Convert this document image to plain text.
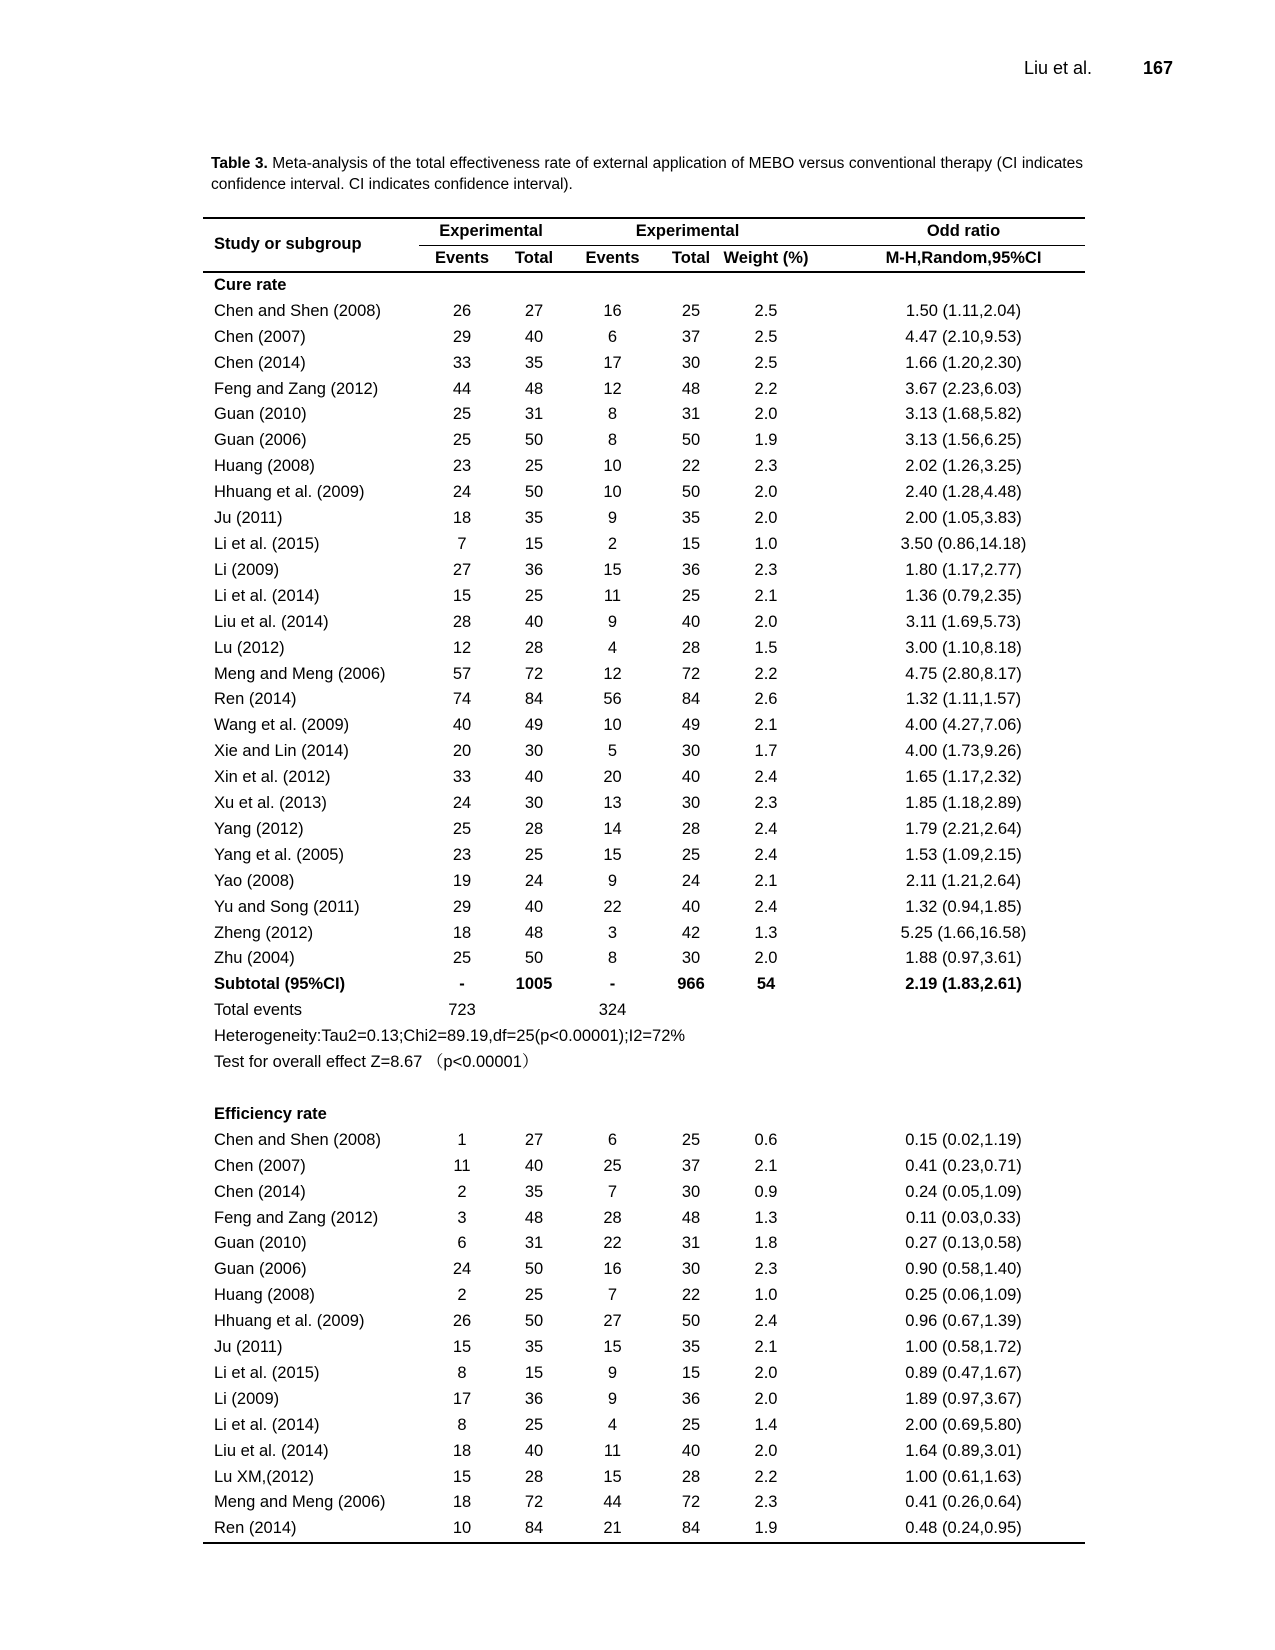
Liu et al.	167
Table 3. Meta-analysis of the total effectiveness rate of external application of MEBO versus conventional therapy (CI indicates confidence interval. CI indicates confidence interval).
Study or subgroup	Experimental		Experimental			Odd ratio
	Events	Total	Events	Total	Weight (%)	M-H,Random,95%CI
Cure rate						
Chen and Shen (2008)	26	27	16	25	2.5	1.50 (1.11,2.04)
Chen (2007)	29	40	6	37	2.5	4.47 (2.10,9.53)
Chen (2014)	33	35	17	30	2.5	1.66 (1.20,2.30)
Feng and Zang (2012)	44	48	12	48	2.2	3.67 (2.23,6.03)
Guan (2010)	25	31	8	31	2.0	3.13 (1.68,5.82)
Guan (2006)	25	50	8	50	1.9	3.13 (1.56,6.25)
Huang (2008)	23	25	10	22	2.3	2.02 (1.26,3.25)
Hhuang et al. (2009)	24	50	10	50	2.0	2.40 (1.28,4.48)
Ju (2011)	18	35	9	35	2.0	2.00 (1.05,3.83)
Li et al. (2015)	7	15	2	15	1.0	3.50 (0.86,14.18)
Li (2009)	27	36	15	36	2.3	1.80 (1.17,2.77)
Li et al. (2014)	15	25	11	25	2.1	1.36 (0.79,2.35)
Liu et al. (2014)	28	40	9	40	2.0	3.11 (1.69,5.73)
Lu (2012)	12	28	4	28	1.5	3.00 (1.10,8.18)
Meng and Meng (2006)	57	72	12	72	2.2	4.75 (2.80,8.17)
Ren (2014)	74	84	56	84	2.6	1.32 (1.11,1.57)
Wang et al. (2009)	40	49	10	49	2.1	4.00 (4.27,7.06)
Xie and Lin (2014)	20	30	5	30	1.7	4.00 (1.73,9.26)
Xin et al. (2012)	33	40	20	40	2.4	1.65 (1.17,2.32)
Xu et al. (2013)	24	30	13	30	2.3	1.85 (1.18,2.89)
Yang (2012)	25	28	14	28	2.4	1.79 (2.21,2.64)
Yang et al. (2005)	23	25	15	25	2.4	1.53 (1.09,2.15)
Yao (2008)	19	24	9	24	2.1	2.11 (1.21,2.64)
Yu and Song (2011)	29	40	22	40	2.4	1.32 (0.94,1.85)
Zheng (2012)	18	48	3	42	1.3	5.25 (1.66,16.58)
Zhu (2004)	25	50	8	30	2.0	1.88 (0.97,3.61)
Subtotal (95%CI)	-	1005	-	966	54	2.19 (1.83,2.61)
Total events	723		324			
Heterogeneity:Tau2=0.13;Chi2=89.19,df=25(p<0.00001);I2=72%						
Test for overall effect Z=8.67 （p<0.00001）						

Efficiency rate						
Chen and Shen (2008)	1	27	6	25	0.6	0.15 (0.02,1.19)
Chen (2007)	11	40	25	37	2.1	0.41 (0.23,0.71)
Chen (2014)	2	35	7	30	0.9	0.24 (0.05,1.09)
Feng and Zang (2012)	3	48	28	48	1.3	0.11 (0.03,0.33)
Guan (2010)	6	31	22	31	1.8	0.27 (0.13,0.58)
Guan (2006)	24	50	16	30	2.3	0.90 (0.58,1.40)
Huang (2008)	2	25	7	22	1.0	0.25 (0.06,1.09)
Hhuang et al. (2009)	26	50	27	50	2.4	0.96 (0.67,1.39)
Ju (2011)	15	35	15	35	2.1	1.00 (0.58,1.72)
Li et al. (2015)	8	15	9	15	2.0	0.89 (0.47,1.67)
Li (2009)	17	36	9	36	2.0	1.89 (0.97,3.67)
Li et al. (2014)	8	25	4	25	1.4	2.00 (0.69,5.80)
Liu et al. (2014)	18	40	11	40	2.0	1.64 (0.89,3.01)
Lu XM,(2012)	15	28	15	28	2.2	1.00 (0.61,1.63)
Meng and Meng (2006)	18	72	44	72	2.3	0.41 (0.26,0.64)
Ren (2014)	10	84	21	84	1.9	0.48 (0.24,0.95)
